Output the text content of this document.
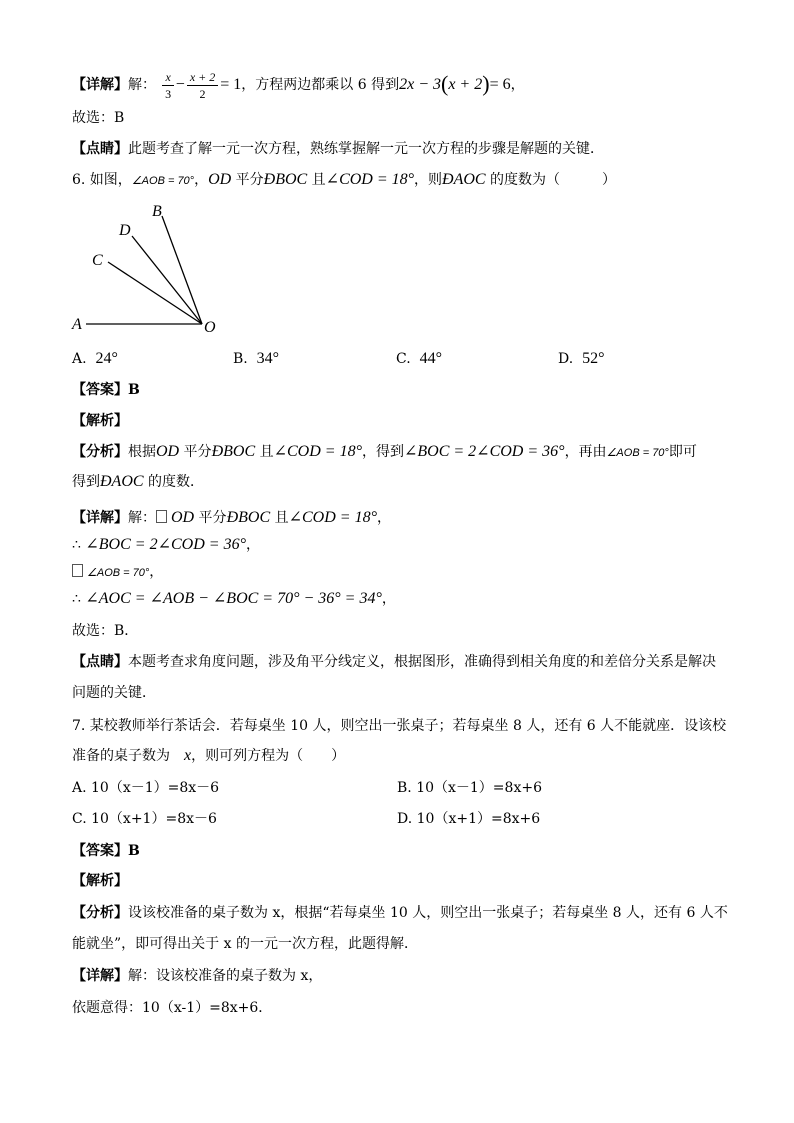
【详解】解： $\frac{x}{3} - \frac{x + 2}{2} = 1$，方程两边都乘以 6 得到2x − 3(x + 2)= 6，
故选：B
【点睛】此题考查了解一元一次方程，熟练掌握解一元一次方程的步骤是解题的关键．
6. 如图，∠AOB = 70°，OD 平分ÐBOC 且∠COD = 18°，则ÐAOC 的度数为（　　　）
B
D
C
A	O
A. 24°	B. 34°	C. 44°	D. 52°
【答案】B
【解析】
【分析】根据OD 平分ÐBOC 且∠COD = 18°，得到∠BOC = 2∠COD = 36°，再由∠AOB = 70°即可
得到ÐAOC 的度数．
【详解】解： OD 平分ÐBOC 且∠COD = 18°，
∴ ∠BOC = 2∠COD = 36°，
∠AOB = 70°，
∴ ∠AOC = ∠AOB − ∠BOC = 70° − 36° = 34°，
故选：B．
【点睛】本题考查求角度问题，涉及角平分线定义，根据图形，准确得到相关角度的和差倍分关系是解决
问题的关键．
7. 某校教师举行茶话会．若每桌坐 10 人，则空出一张桌子；若每桌坐 8 人，还有 6 人不能就座．设该校
准备的桌子数为　x，则可列方程为（　　）
A. 10（x－1）=8x－6	B. 10（x－1）=8x+6
C. 10（x+1）=8x－6	D. 10（x+1）=8x+6
【答案】B
【解析】
【分析】设该校准备的桌子数为 x，根据“若每桌坐 10 人，则空出一张桌子；若每桌坐 8 人，还有 6 人不
能就坐”，即可得出关于 x 的一元一次方程，此题得解．
【详解】解：设该校准备的桌子数为 x，
依题意得：10（x-1）=8x+6．
